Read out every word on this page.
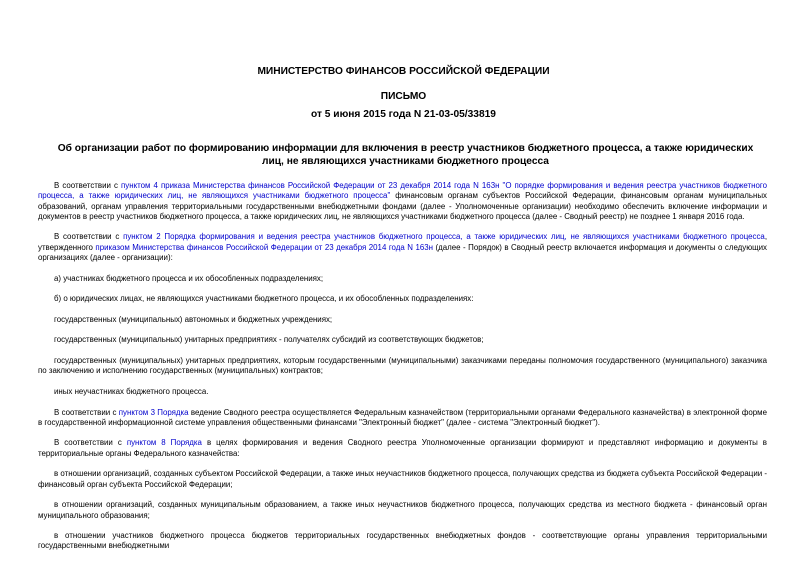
МИНИСТЕРСТВО ФИНАНСОВ РОССИЙСКОЙ ФЕДЕРАЦИИ
ПИСЬМО
от 5 июня 2015 года N 21-03-05/33819
Об организации работ по формированию информации для включения в реестр участников бюджетного процесса, а также юридических лиц, не являющихся участниками бюджетного процесса

В соответствии с пунктом 4 приказа Министерства финансов Российской Федерации от 23 декабря 2014 года N 163н "О порядке формирования и ведения реестра участников бюджетного процесса, а также юридических лиц, не являющихся участниками бюджетного процесса" финансовым органам субъектов Российской Федерации, финансовым органам муниципальных образований, органам управления территориальными государственными внебюджетными фондами (далее - Уполномоченные организации) необходимо обеспечить включение информации и документов в реестр участников бюджетного процесса, а также юридических лиц, не являющихся участниками бюджетного процесса (далее - Сводный реестр) не позднее 1 января 2016 года.

В соответствии с пунктом 2 Порядка формирования и ведения реестра участников бюджетного процесса, а также юридических лиц, не являющихся участниками бюджетного процесса, утвержденного приказом Министерства финансов Российской Федерации от 23 декабря 2014 года N 163н (далее - Порядок) в Сводный реестр включается информация и документы о следующих организациях (далее - организации):

а) участниках бюджетного процесса и их обособленных подразделениях;

б) о юридических лицах, не являющихся участниками бюджетного процесса, и их обособленных подразделениях:

государственных (муниципальных) автономных и бюджетных учреждениях;

государственных (муниципальных) унитарных предприятиях - получателях субсидий из соответствующих бюджетов;

государственных (муниципальных) унитарных предприятиях, которым государственными (муниципальными) заказчиками переданы полномочия государственного (муниципального) заказчика по заключению и исполнению государственных (муниципальных) контрактов;

иных неучастниках бюджетного процесса.

В соответствии с пунктом 3 Порядка ведение Сводного реестра осуществляется Федеральным казначейством (территориальными органами Федерального казначейства) в электронной форме в государственной информационной системе управления общественными финансами "Электронный бюджет" (далее - система "Электронный бюджет").

В соответствии с пунктом 8 Порядка в целях формирования и ведения Сводного реестра Уполномоченные организации формируют и представляют информацию и документы в территориальные органы Федерального казначейства:

в отношении организаций, созданных субъектом Российской Федерации, а также иных неучастников бюджетного процесса, получающих средства из бюджета субъекта Российской Федерации - финансовый орган субъекта Российской Федерации;

в отношении организаций, созданных муниципальным образованием, а также иных неучастников бюджетного процесса, получающих средства из местного бюджета - финансовый орган муниципального образования;

в отношении участников бюджетного процесса бюджетов территориальных государственных внебюджетных фондов - соответствующие органы управления территориальными государственными внебюджетными
